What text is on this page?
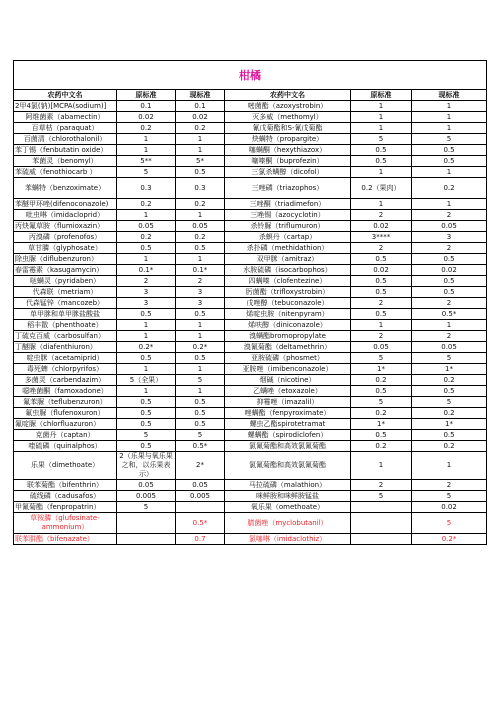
柑橘					
农药中文名	原标准	现标准	农药中文名	原标准	现标准
2甲4氯(钠)[MCPA(sodium)]	0.1	0.1	嘧菌酯（azoxystrobin）	1	1
阿维菌素（abamectin）	0.02	0.02	灭多威（methomyl）	1	1
百草枯（paraquat）	0.2	0.2	氰戊菊酯和S-氰戊菊酯	1	1
百菌清（chlorothalonil）	1	1	炔螨特（propargite）	5	5
苯丁锡（fenbutatin oxide）	1	1	噻螨酮（hexythiazox）	0.5	0.5
苯菌灵（benomyl）	5**	5*	噻嗪酮（buprofezin）	0.5	0.5
苯硫威（fenothiocarb ）	5	0.5	三氯杀螨醇（dicofol）	1	1
苯螨特（benzoximate）	0.3	0.3	三唑磷（triazophos）	0.2（果肉）	0.2
苯醚甲环唑(difenoconazole)	0.2	0.2	三唑酮（triadimefon）	1	1
吡虫啉（imidacloprid）	1	1	三唑锡（azocyclotin）	2	2
丙炔氟草胺（flumioxazin）	0.05	0.05	杀铃脲（triflumuron）	0.02	0.05
丙溴磷（profenofos）	0.2	0.2	杀螟丹（cartap）	3****	3
草甘膦（glyphosate）	0.5	0.5	杀扑磷（methidathion）	2	2
除虫脲（diflubenzuron）	1	1	双甲脒（amitraz）	0.5	0.5
春雷霉素（kasugamycin）	0.1*	0.1*	水胺硫磷（isocarbophos）	0.02	0.02
哒螨灵（pyridaben）	2	2	四螨嗪（clofentezine）	0.5	0.5
代森联（metriam）	3	3	肟菌酯（trifloxystrobin）	0.5	0.5
代森锰锌（mancozeb）	3	3	戊唑醇（tebuconazole）	2	2
单甲脒和单甲脒盐酸盐	0.5	0.5	烯啶虫胺（nitenpyram）	0.5	0.5*
稻丰散（phenthoate）	1	1	烯呋醇（diniconazole）	1	1
丁硫克百威（carbosulfan）	1	1	溴螨酯bromopropylate	2	2
丁醚脲（diafenthiuron）	0.2*	0.2*	溴氰菊酯（deltamethrin）	0.05	0.05
啶虫脒（acetamiprid）	0.5	0.5	亚胺硫磷（phosmet）	5	5
毒死蜱（chlorpyrifos）	1	1	亚胺唑（imibenconazole）	1*	1*
多菌灵（carbendazim）	5（全果）	5	烟碱（nicotine）	0.2	0.2
噁唑菌酮（famoxadone）	1	1	乙螨唑（etoxazole）	0.5	0.5
氟苯脲（teflubenzuron）	0.5	0.5	抑霉唑（imazalil）	5	5
氟虫脲（flufenoxuron）	0.5	0.5	唑螨酯（fenpyroximate）	0.2	0.2
氟啶脲（chlorfluazuron）	0.5	0.5	螺虫乙酯spirotetramat	1*	1*
克菌丹（captan）	5	5	螺螨酯（spirodiclofen）	0.5	0.5
喹硫磷（quinalphos）	0.5	0.5*	氯氰菊酯和高效氯氰菊酯	0.2	0.2
乐果（dimethoate）	2（乐果与氧乐果之和，以乐果表示）	2*	氯氰菊酯和高效氯氰菊酯	1	1
联苯菊酯（bifenthrin）	0.05	0.05	马拉硫磷（malathion）	2	2
硫线磷（cadusafos）	0.005	0.005	咪鲜胺和咪鲜胺锰盐	5	5
甲氰菊酯（fenpropatrin）	5		氧乐果（omethoate）		0.02
草铵膦（glufosinate-ammonium）		0.5*	腈菌唑（myclobutanil）		5
联苯肼酯（bifenazate）		0.7	氯噻啉（imidaclothiz）		0.2*
